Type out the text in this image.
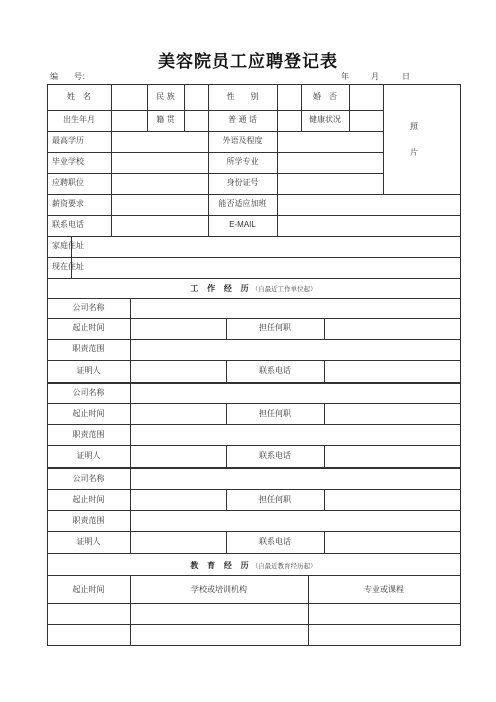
美容院员工应聘登记表
编　　号：	年	月	日
姓　名	民 族	性　　别	婚　否
出生年月	籍 贯	普 通 话	健康状况
最高学历	外语及程度
毕业学校	所学专业
应聘职位	身份证号
薪资要求	能否适应加班
联系电话	E-MAIL
家庭住址
现在住址
照
片
工 作 经 历（自最近工作单位起）
公司名称
起止时间	担任何职
职责范围
证明人	联系电话
公司名称
起止时间	担任何职
职责范围
证明人	联系电话
公司名称
起止时间	担任何职
职责范围
证明人	联系电话
教 育 经 历（自最近教育经历起）
起止时间	学校或培训机构	专业或课程
